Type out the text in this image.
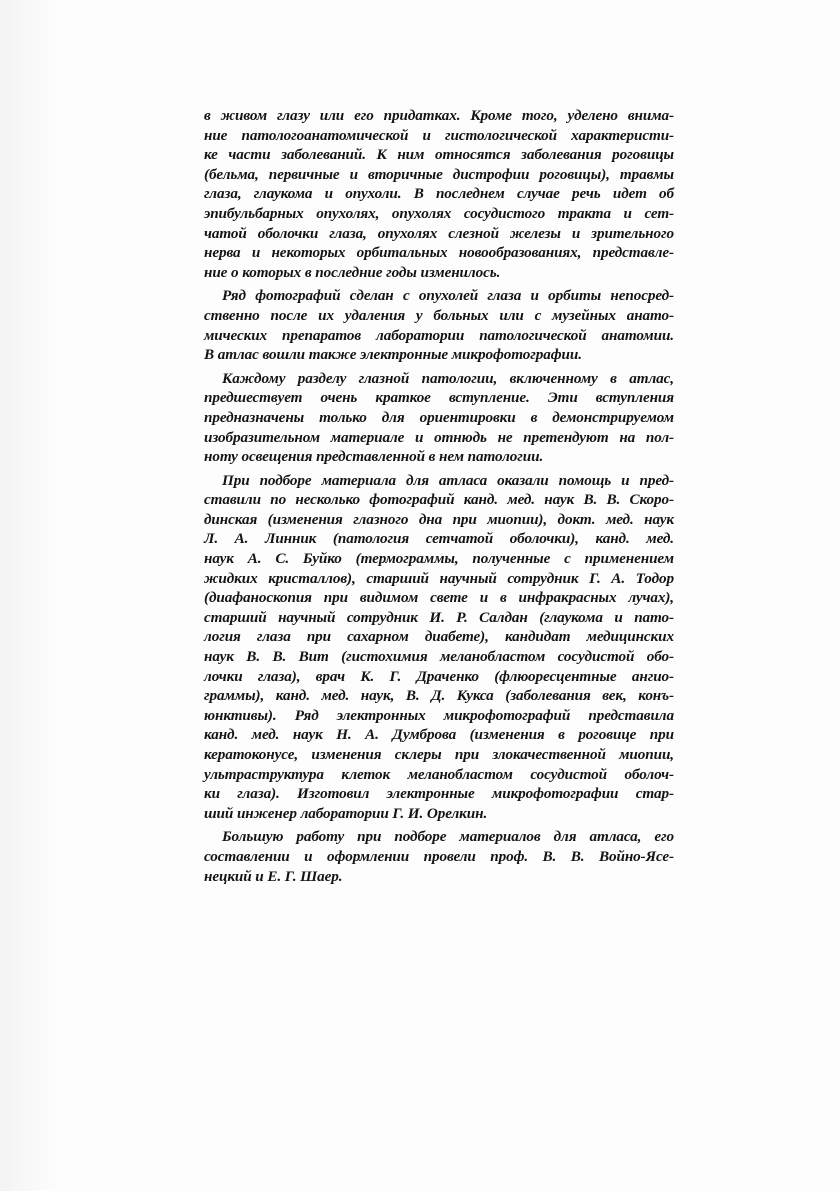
в живом глазу или его придатках. Кроме того, уделено внима-
ние патологоанатомической и гистологической характеристи-
ке части заболеваний. К ним относятся заболевания роговицы
(бельма, первичные и вторичные дистрофии роговицы), травмы
глаза, глаукома и опухоли. В последнем случае речь идет об
эпибульбарных опухолях, опухолях сосудистого тракта и сет-
чатой оболочки глаза, опухолях слезной железы и зрительного
нерва и некоторых орбитальных новообразованиях, представле-
ние о которых в последние годы изменилось.
Ряд фотографий сделан с опухолей глаза и орбиты непосред-
ственно после их удаления у больных или с музейных анато-
мических препаратов лаборатории патологической анатомии.
В атлас вошли также электронные микрофотографии.
Каждому разделу глазной патологии, включенному в атлас,
предшествует очень краткое вступление. Эти вступления
предназначены только для ориентировки в демонстрируемом
изобразительном материале и отнюдь не претендуют на пол-
ноту освещения представленной в нем патологии.
При подборе материала для атласа оказали помощь и пред-
ставили по несколько фотографий канд. мед. наук В. В. Скоро-
динская (изменения глазного дна при миопии), докт. мед. наук
Л. А. Линник (патология сетчатой оболочки), канд. мед.
наук А. С. Буйко (термограммы, полученные с применением
жидких кристаллов), старший научный сотрудник Г. А. Тодор
(диафаноскопия при видимом свете и в инфракрасных лучах),
старший научный сотрудник И. Р. Салдан (глаукома и пато-
логия глаза при сахарном диабете), кандидат медицинских
наук В. В. Вит (гистохимия меланобластом сосудистой обо-
лочки глаза), врач К. Г. Драченко (флюоресцентные ангио-
граммы), канд. мед. наук, В. Д. Кукса (заболевания век, конъ-
юнктивы). Ряд электронных микрофотографий представила
канд. мед. наук Н. А. Думброва (изменения в роговице при
кератоконусе, изменения склеры при злокачественной миопии,
ультраструктура клеток меланобластом сосудистой оболоч-
ки глаза). Изготовил электронные микрофотографии стар-
ший инженер лаборатории Г. И. Орелкин.
Большую работу при подборе материалов для атласа, его
составлении и оформлении провели проф. В. В. Войно-Ясе-
нецкий и Е. Г. Шаер.
